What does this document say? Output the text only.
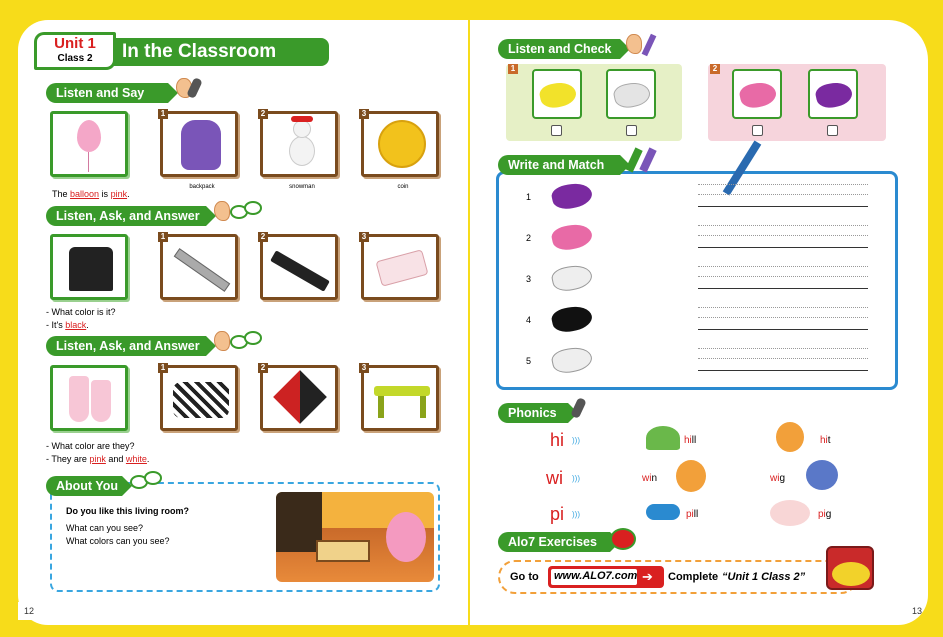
Unit 1
Class 2	In the Classroom
Listen and Say
The balloon is pink.
1
backpack
2
snowman
3
coin
Listen, Ask, and Answer
1	2	3
- What color is it?
- It's black.
Listen, Ask, and Answer
1	2	3
- What color are they?
- They are pink and white.
About You
Do you like this living room?
What can you see?
What colors can you see?
12
Listen and Check
1	2
Write and Match
1
2
3
4
5
Phonics
hi )))	hill	hit
wi )))	win	wig
pi )))	pill	pig
Alo7 Exercises
Go to www.ALO7.com ➔ Complete “Unit 1 Class 2”
13
